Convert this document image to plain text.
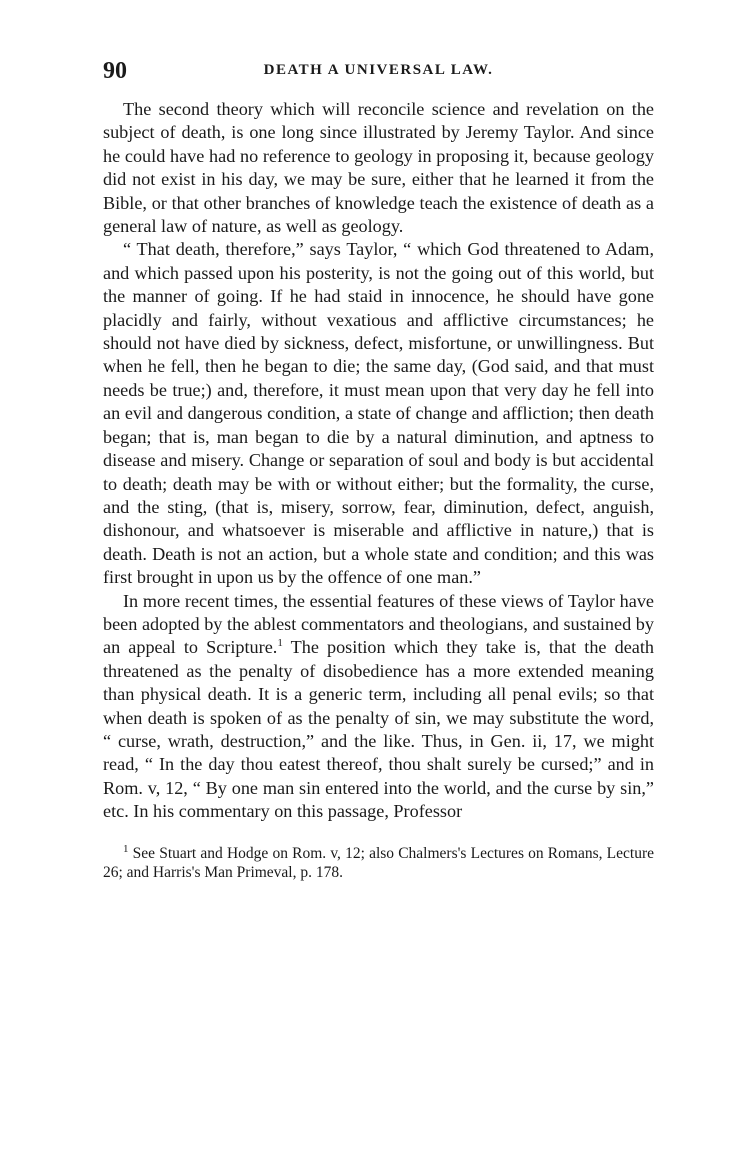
90	DEATH A UNIVERSAL LAW.

The second theory which will reconcile science and revelation on the subject of death, is one long since illustrated by Jeremy Taylor. And since he could have had no reference to geology in proposing it, because geology did not exist in his day, we may be sure, either that he learned it from the Bible, or that other branches of knowledge teach the existence of death as a general law of nature, as well as geology.

“ That death, therefore,” says Taylor, “ which God threatened to Adam, and which passed upon his posterity, is not the going out of this world, but the manner of going. If he had staid in innocence, he should have gone placidly and fairly, without vexatious and afflictive circumstances; he should not have died by sickness, defect, misfortune, or unwillingness. But when he fell, then he began to die; the same day, (God said, and that must needs be true;) and, therefore, it must mean upon that very day he fell into an evil and dangerous condition, a state of change and affliction; then death began; that is, man began to die by a natural diminution, and aptness to disease and misery. Change or separation of soul and body is but accidental to death; death may be with or without either; but the formality, the curse, and the sting, (that is, misery, sorrow, fear, diminution, defect, anguish, dishonour, and whatsoever is miserable and afflictive in nature,) that is death. Death is not an action, but a whole state and condition; and this was first brought in upon us by the offence of one man.”

In more recent times, the essential features of these views of Taylor have been adopted by the ablest commentators and theologians, and sustained by an appeal to Scripture.$^1$ The position which they take is, that the death threatened as the penalty of disobedience has a more extended meaning than physical death. It is a generic term, including all penal evils; so that when death is spoken of as the penalty of sin, we may substitute the word, “ curse, wrath, destruction,” and the like. Thus, in Gen. ii, 17, we might read, “ In the day thou eatest thereof, thou shalt surely be cursed;” and in Rom. v, 12, “ By one man sin entered into the world, and the curse by sin,” etc. In his commentary on this passage, Professor

$^1$ See Stuart and Hodge on Rom. v, 12; also Chalmers's Lectures on Romans, Lecture 26; and Harris's Man Primeval, p. 178.
